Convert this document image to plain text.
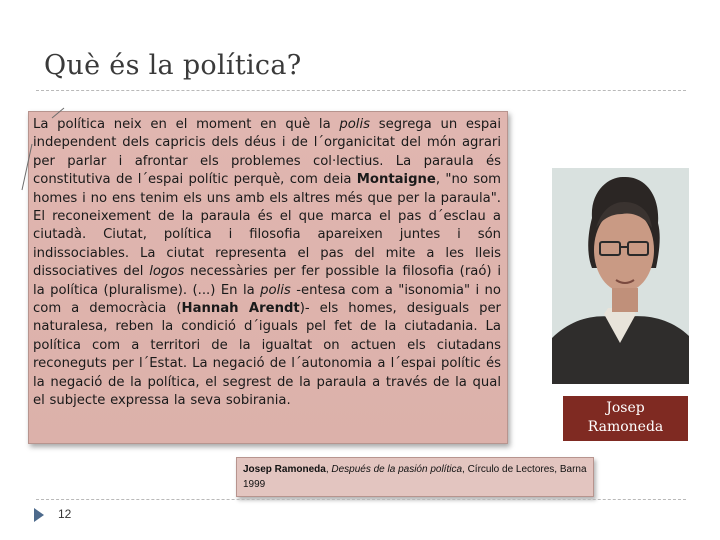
Què és la política?

La política neix en el moment en què la polis segrega un espai independent dels capricis dels déus i de l´organicitat del món agrari per parlar i afrontar els problemes col·lectius. La paraula és constitutiva de l´espai polític perquè, com deia Montaigne, "no som homes i no ens tenim els uns amb els altres més que per la paraula". El reconeixement de la paraula és el que marca el pas d´esclau a ciutadà. Ciutat, política i filosofia apareixen juntes i són indissociables. La ciutat representa el pas del mite a les lleis dissociatives del logos necessàries per fer possible la filosofia (raó) i la política (pluralisme). (...) En la polis -entesa com a "isonomia" i no com a democràcia (Hannah Arendt)- els homes, desiguals per naturalesa, reben la condició d´iguals pel fet de la ciutadania. La política com a territori de la igualtat on actuen els ciutadans reconeguts per l´Estat. La negació de l´autonomia a l´espai polític és la negació de la política, el segrest de la paraula a través de la qual el subjecte expressa la seva sobirania.	Josep
Ramoneda
Josep Ramoneda, Después de la pasión política, Círculo de Lectores, Barna 1999
12
